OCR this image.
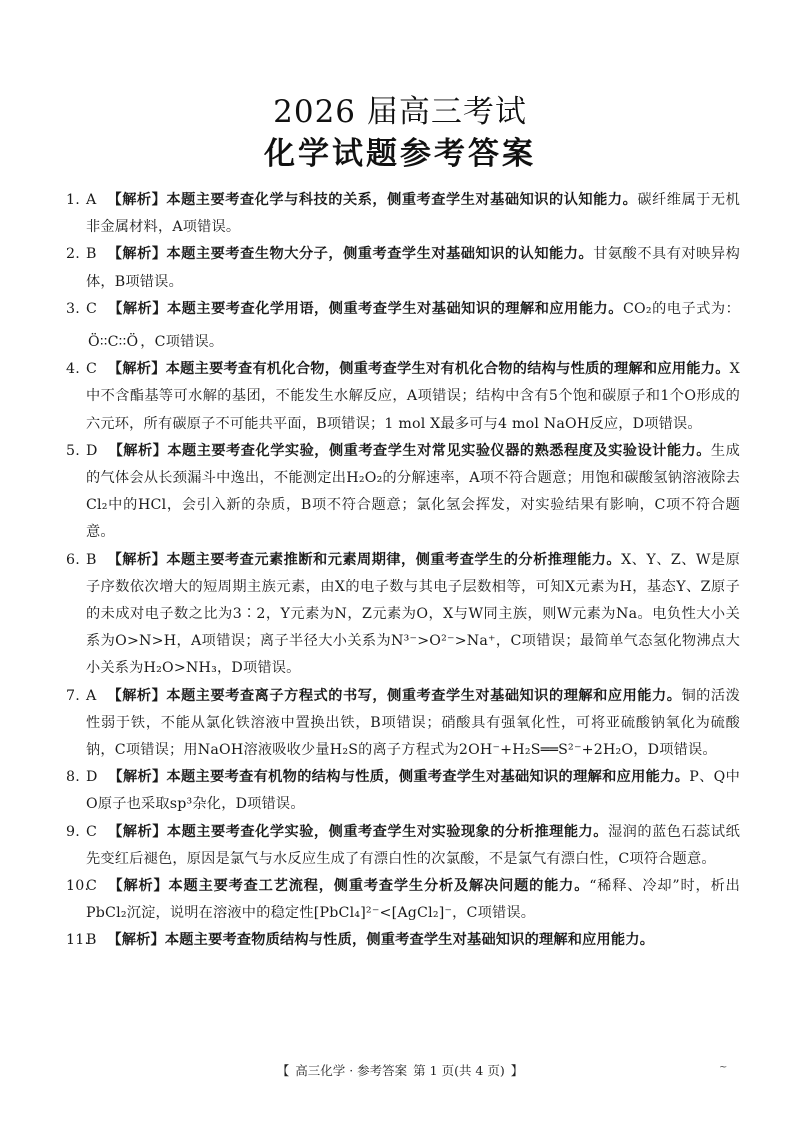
2026 届高三考试
化学试题参考答案
1. A 【解析】本题主要考查化学与科技的关系，侧重考查学生对基础知识的认知能力。碳纤维属于无机非金属材料，A项错误。
2. B 【解析】本题主要考查生物大分子，侧重考查学生对基础知识的认知能力。甘氨酸不具有对映异构体，B项错误。
3. C 【解析】本题主要考查化学用语，侧重考查学生对基础知识的理解和应用能力。CO₂的电子式为：Ö∶∶C∶∶Ö ，C项错误。
4. C 【解析】本题主要考查有机化合物，侧重考查学生对有机化合物的结构与性质的理解和应用能力。X中不含酯基等可水解的基团，不能发生水解反应，A项错误；结构中含有5个饱和碳原子和1个O形成的六元环，所有碳原子不可能共平面，B项错误；1 mol X最多可与4 mol NaOH反应，D项错误。
5. D 【解析】本题主要考查化学实验，侧重考查学生对常见实验仪器的熟悉程度及实验设计能力。生成的气体会从长颈漏斗中逸出，不能测定出H₂O₂的分解速率，A项不符合题意；用饱和碳酸氢钠溶液除去Cl₂中的HCl，会引入新的杂质，B项不符合题意；氯化氢会挥发，对实验结果有影响，C项不符合题意。
6. B 【解析】本题主要考查元素推断和元素周期律，侧重考查学生的分析推理能力。X、Y、Z、W是原子序数依次增大的短周期主族元素，由X的电子数与其电子层数相等，可知X元素为H，基态Y、Z原子的未成对电子数之比为3∶2，Y元素为N，Z元素为O，X与W同主族，则W元素为Na。电负性大小关系为O>N>H，A项错误；离子半径大小关系为N³⁻>O²⁻>Na⁺，C项错误；最简单气态氢化物沸点大小关系为H₂O>NH₃，D项错误。
7. A 【解析】本题主要考查离子方程式的书写，侧重考查学生对基础知识的理解和应用能力。铜的活泼性弱于铁，不能从氯化铁溶液中置换出铁，B项错误；硝酸具有强氧化性，可将亚硫酸钠氧化为硫酸钠，C项错误；用NaOH溶液吸收少量H₂S的离子方程式为2OH⁻+H₂S══S²⁻+2H₂O，D项错误。
8. D 【解析】本题主要考查有机物的结构与性质，侧重考查学生对基础知识的理解和应用能力。P、Q中O原子也采取sp³杂化，D项错误。
9. C 【解析】本题主要考查化学实验，侧重考查学生对实验现象的分析推理能力。湿润的蓝色石蕊试纸先变红后褪色，原因是氯气与水反应生成了有漂白性的次氯酸，不是氯气有漂白性，C项符合题意。
10.
C 【解析】本题主要考查工艺流程，侧重考查学生分析及解决问题的能力。“稀释、冷却”时，析出PbCl₂沉淀，说明在溶液中的稳定性[PbCl₄]²⁻<[AgCl₂]⁻，C项错误。
11.
B 【解析】本题主要考查物质结构与性质，侧重考查学生对基础知识的理解和应用能力。
【 高三化学 · 参考答案 第 1 页(共 4 页) 】	~
